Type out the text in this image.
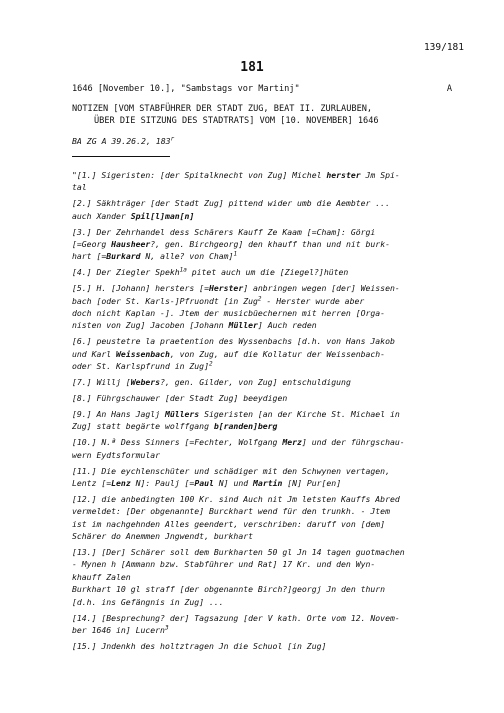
139/181
181
1646 [November 10.], "Sambstags vor Martinj"	A
NOTIZEN [VOM STABFÜHRER DER STADT ZUG, BEAT II. ZURLAUBEN,
ÜBER DIE SITZUNG DES STADTRATS] VOM [10. NOVEMBER] 1646
BA ZG A 39.26.2, 183$^r$
"[1.] Sigeristen: [der Spitalknecht von Zug] Michel herster Jm Spi-
tal
[2.] Säkhträger [der Stadt Zug] pittend wider umb die Aembter ...
auch Xander Spil[l]man[n]
[3.] Der Zehrhandel dess Schärers Kauff Ze Kaam [=Cham]: Görgi
[=Georg Hausheer?, gen. Birchgeorg] den khauff than und nit burk-
hart [=Burkard N, alle? von Cham]$^1$
[4.] Der Ziegler Spekh$^{1a}$ pitet auch um die [Ziegel?]hüten
[5.] H. [Johann] hersters [=Herster] anbringen wegen [der] Weissen-
bach [oder St. Karls-]Pfruondt [in Zug$^2$ - Herster wurde aber
doch nicht Kaplan -]. Jtem der musicbüechernen mit herren [Orga-
nisten von Zug] Jacoben [Johann Müller] Auch reden
[6.] peustetre la praetention des Wyssenbachs [d.h. von Hans Jakob
und Karl Weissenbach, von Zug, auf die Kollatur der Weissenbach-
oder St. Karlspfrund in Zug]$^2$
[7.] Willj [Webers?, gen. Gilder, von Zug] entschuldigung
[8.] Führgschauwer [der Stadt Zug] beeydigen
[9.] An Hans Jaglj Müllers Sigeristen [an der Kirche St. Michael in
Zug] statt begärte wolffgang b[randen]berg
[10.] N.ª Dess Sinners [=Fechter, Wolfgang Merz] und der führgschau-
wern Eydtsformular
[11.] Die eychlenschüter und schädiger mit den Schwynen vertagen,
Lentz [=Lenz N]: Paulj [=Paul N] und Martin [N] Pur[en]
[12.] die anbedingten 100 Kr. sind Auch nit Jm letsten Kauffs Abred
vermeldet: [Der obgenannte] Burckhart wend für den trunkh. - Jtem
ist im nachgehnden Alles geendert, verschriben: daruff von [dem]
Schärer do Anemmen Jngwendt, burkhart
[13.] [Der] Schärer soll dem Burkharten 50 gl Jn 14 tagen guotmachen
- Mynen h [Ammann bzw. Stabführer und Rat] 17 Kr. und den Wyn-
khauff Zalen
Burkhart 10 gl straff [der obgenannte Birch?]georgj Jn den thurn
[d.h. ins Gefängnis in Zug] ...
[14.] [Besprechung? der] Tagsazung [der V kath. Orte vom 12. Novem-
ber 1646 in] Lucern$^3$
[15.] Jndenkh des holtztragen Jn die Schuol [in Zug]
